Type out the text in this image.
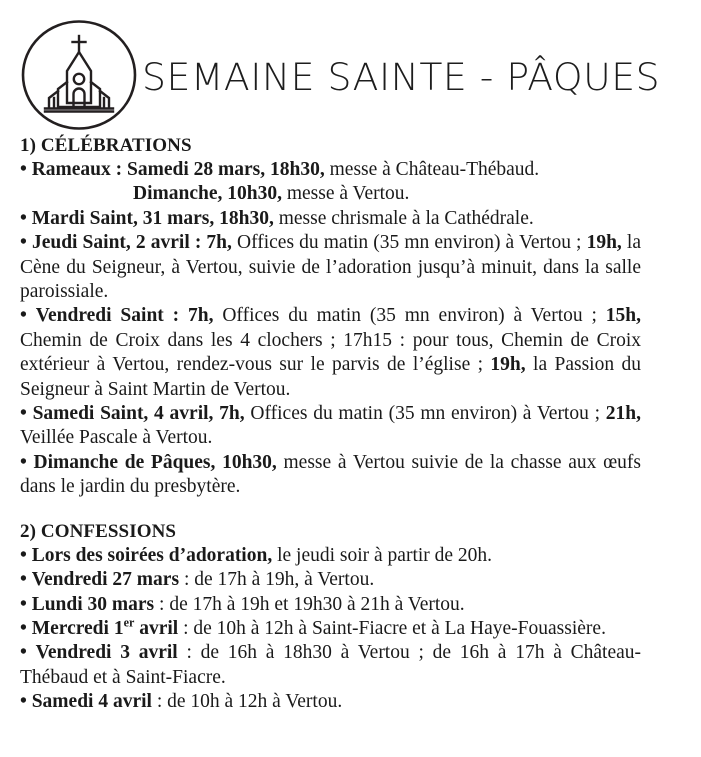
SEMAINE SAINTE - PÂQUES
1) CÉLÉBRATIONS

• Rameaux : Samedi 28 mars, 18h30, messe à Château-Thébaud.
Dimanche, 10h30, messe à Vertou.

• Mardi Saint, 31 mars, 18h30, messe chrismale à la Cathédrale.

• Jeudi Saint, 2 avril : 7h, Offices du matin (35 mn environ) à Vertou ; 19h, la Cène du Seigneur, à Vertou, suivie de l’adoration jusqu’à minuit, dans la salle paroissiale.

• Vendredi Saint : 7h, Offices du matin (35 mn environ) à Vertou ; 15h, Chemin de Croix dans les 4 clochers ; 17h15 : pour tous, Chemin de Croix extérieur à Vertou, rendez-vous sur le parvis de l’église ; 19h, la Passion du Seigneur à Saint Martin de Vertou.

• Samedi Saint, 4 avril, 7h, Offices du matin (35 mn environ) à Vertou ; 21h, Veillée Pascale à Vertou.

• Dimanche de Pâques, 10h30, messe à Vertou suivie de la chasse aux œufs dans le jardin du presbytère.

2) CONFESSIONS

• Lors des soirées d’adoration, le jeudi soir à partir de 20h.

• Vendredi 27 mars : de 17h à 19h, à Vertou.

• Lundi 30 mars : de 17h à 19h et 19h30 à 21h à Vertou.

• Mercredi 1er avril : de 10h à 12h à Saint-Fiacre et à La Haye-Fouassière.

• Vendredi 3 avril : de 16h à 18h30 à Vertou ; de 16h à 17h à Château-Thébaud et à Saint-Fiacre.

• Samedi 4 avril : de 10h à 12h à Vertou.
